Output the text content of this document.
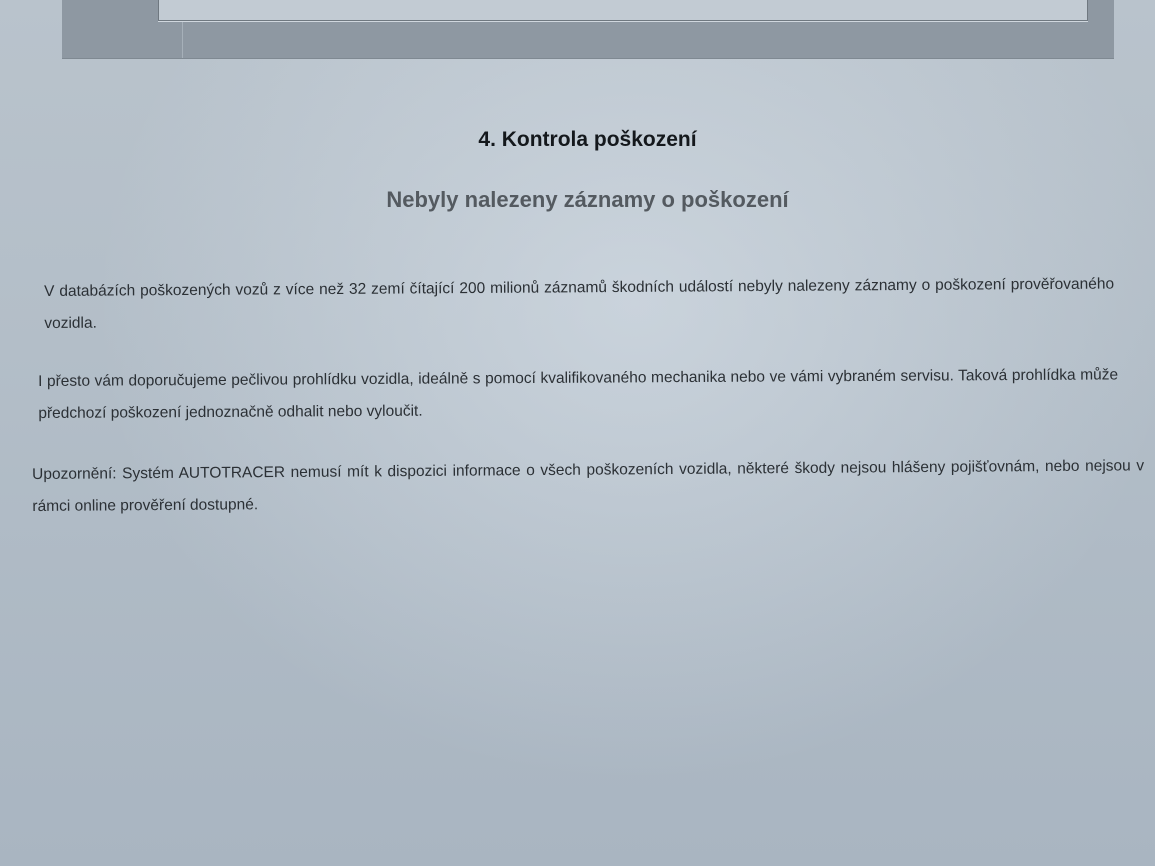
4. Kontrola poškození
Nebyly nalezeny záznamy o poškození
V databázích poškozených vozů z více než 32 zemí čítající 200 milionů záznamů škodních událostí nebyly nalezeny záznamy o poškození prověřovaného vozidla.
I přesto vám doporučujeme pečlivou prohlídku vozidla, ideálně s pomocí kvalifikovaného mechanika nebo ve vámi vybraném servisu. Taková prohlídka může předchozí poškození jednoznačně odhalit nebo vyloučit.
Upozornění: Systém AUTOTRACER nemusí mít k dispozici informace o všech poškozeních vozidla, některé škody nejsou hlášeny pojišťovnám, nebo nejsou v rámci online prověření dostupné.
